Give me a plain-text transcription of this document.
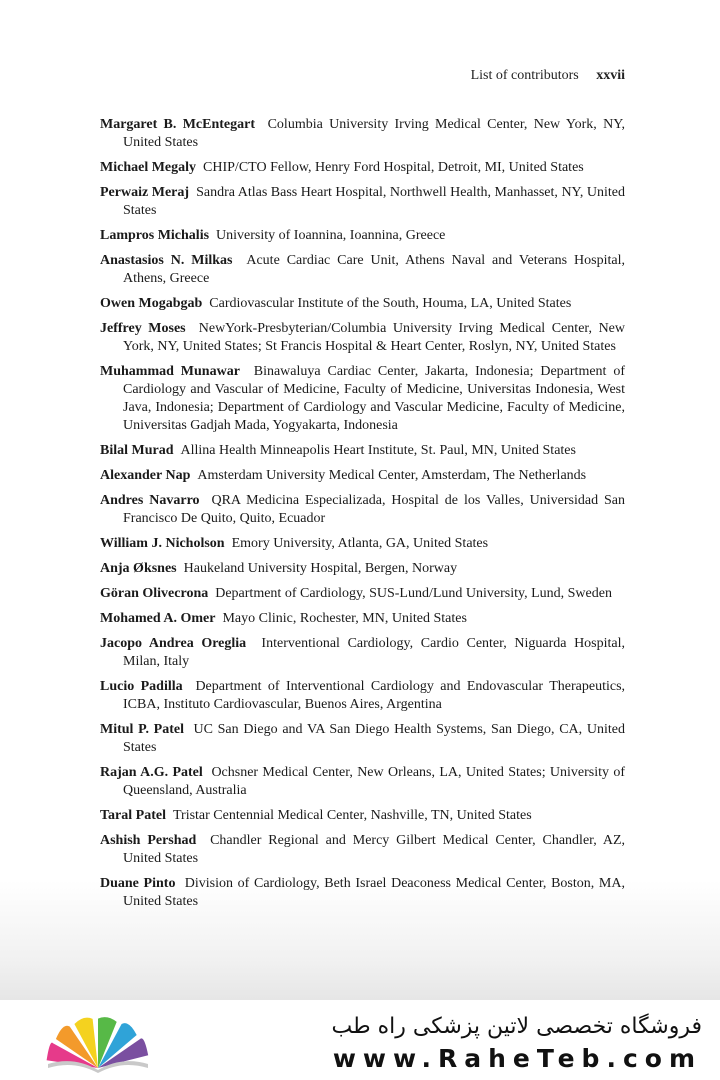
List of contributors xxvii

Margaret B. McEntegart Columbia University Irving Medical Center, New York, NY, United States

Michael Megaly CHIP/CTO Fellow, Henry Ford Hospital, Detroit, MI, United States

Perwaiz Meraj Sandra Atlas Bass Heart Hospital, Northwell Health, Manhasset, NY, United States

Lampros Michalis University of Ioannina, Ioannina, Greece

Anastasios N. Milkas Acute Cardiac Care Unit, Athens Naval and Veterans Hospital, Athens, Greece

Owen Mogabgab Cardiovascular Institute of the South, Houma, LA, United States

Jeffrey Moses NewYork-Presbyterian/Columbia University Irving Medical Center, New York, NY, United States; St Francis Hospital & Heart Center, Roslyn, NY, United States

Muhammad Munawar Binawaluya Cardiac Center, Jakarta, Indonesia; Department of Cardiology and Vascular of Medicine, Faculty of Medicine, Universitas Indonesia, West Java, Indonesia; Department of Cardiology and Vascular Medicine, Faculty of Medicine, Universitas Gadjah Mada, Yogyakarta, Indonesia

Bilal Murad Allina Health Minneapolis Heart Institute, St. Paul, MN, United States

Alexander Nap Amsterdam University Medical Center, Amsterdam, The Netherlands

Andres Navarro QRA Medicina Especializada, Hospital de los Valles, Universidad San Francisco De Quito, Quito, Ecuador

William J. Nicholson Emory University, Atlanta, GA, United States

Anja Øksnes Haukeland University Hospital, Bergen, Norway

Göran Olivecrona Department of Cardiology, SUS-Lund/Lund University, Lund, Sweden

Mohamed A. Omer Mayo Clinic, Rochester, MN, United States

Jacopo Andrea Oreglia Interventional Cardiology, Cardio Center, Niguarda Hospital, Milan, Italy

Lucio Padilla Department of Interventional Cardiology and Endovascular Therapeutics, ICBA, Instituto Cardiovascular, Buenos Aires, Argentina

Mitul P. Patel UC San Diego and VA San Diego Health Systems, San Diego, CA, United States

Rajan A.G. Patel Ochsner Medical Center, New Orleans, LA, United States; University of Queensland, Australia

Taral Patel Tristar Centennial Medical Center, Nashville, TN, United States

Ashish Pershad Chandler Regional and Mercy Gilbert Medical Center, Chandler, AZ, United States

Duane Pinto Division of Cardiology, Beth Israel Deaconess Medical Center, Boston, MA, United States

فروشگاه تخصصی لاتین پزشکی راه طب
www.RaheTeb.com
